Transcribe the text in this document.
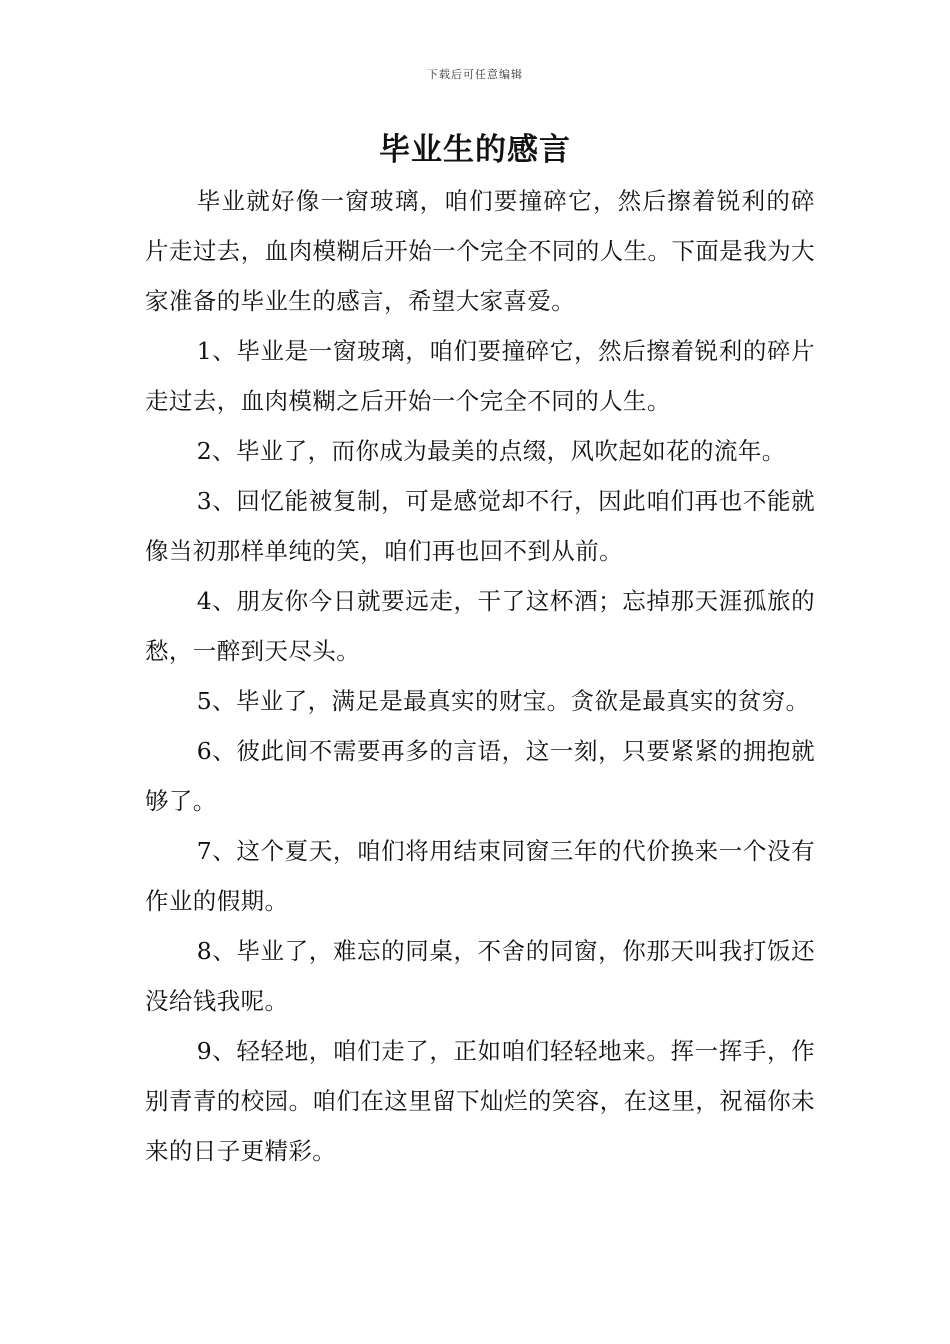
下载后可任意编辑
毕业生的感言

毕业就好像一窗玻璃，咱们要撞碎它，然后擦着锐利的碎片走过去，血肉模糊后开始一个完全不同的人生。下面是我为大家准备的毕业生的感言，希望大家喜爱。

1、毕业是一窗玻璃，咱们要撞碎它，然后擦着锐利的碎片走过去，血肉模糊之后开始一个完全不同的人生。

2、毕业了，而你成为最美的点缀，风吹起如花的流年。

3、回忆能被复制，可是感觉却不行，因此咱们再也不能就像当初那样单纯的笑，咱们再也回不到从前。

4、朋友你今日就要远走，干了这杯酒；忘掉那天涯孤旅的愁，一醉到天尽头。

5、毕业了，满足是最真实的财宝。贪欲是最真实的贫穷。

6、彼此间不需要再多的言语，这一刻，只要紧紧的拥抱就够了。

7、这个夏天，咱们将用结束同窗三年的代价换来一个没有作业的假期。

8、毕业了，难忘的同桌，不舍的同窗，你那天叫我打饭还没给钱我呢。

9、轻轻地，咱们走了，正如咱们轻轻地来。挥一挥手，作别青青的校园。咱们在这里留下灿烂的笑容，在这里，祝福你未来的日子更精彩。
